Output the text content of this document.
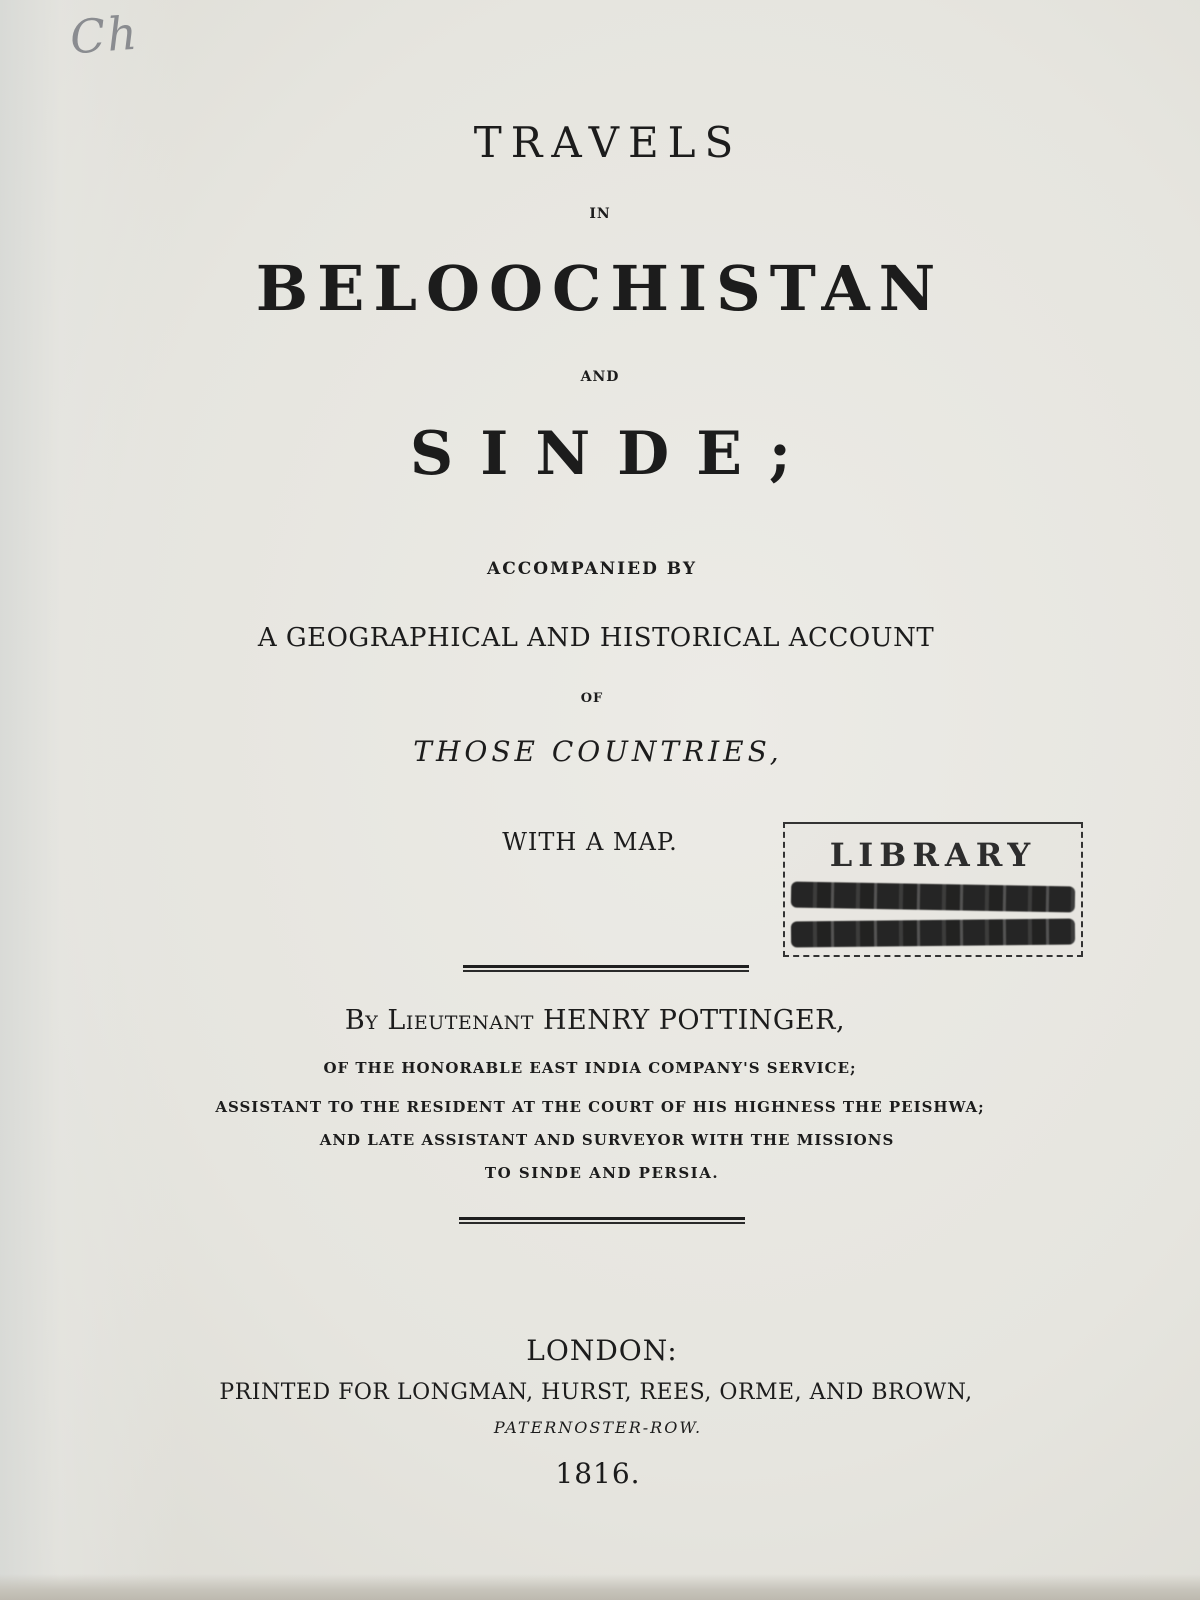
Ch
TRAVELS
IN
BELOOCHISTAN
AND
SINDE;
ACCOMPANIED BY
A GEOGRAPHICAL AND HISTORICAL ACCOUNT
OF
THOSE COUNTRIES,
WITH A MAP.	LIBRARY
By Lieutenant HENRY POTTINGER,
OF THE HONORABLE EAST INDIA COMPANY'S SERVICE;
ASSISTANT TO THE RESIDENT AT THE COURT OF HIS HIGHNESS THE PEISHWA;
AND LATE ASSISTANT AND SURVEYOR WITH THE MISSIONS
TO SINDE AND PERSIA.
LONDON:
PRINTED FOR LONGMAN, HURST, REES, ORME, AND BROWN,
PATERNOSTER-ROW.
1816.
